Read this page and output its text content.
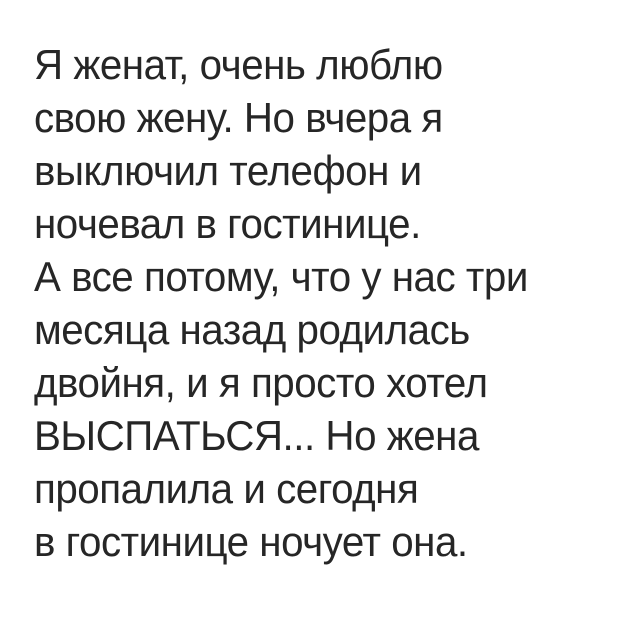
Я женат, очень люблю
свою жену. Но вчера я
выключил телефон и
ночевал в гостинице.
А все потому, что у нас три
месяца назад родилась
двойня, и я просто хотел
ВЫСПАТЬСЯ... Но жена
пропалила и сегодня
в гостинице ночует она.
